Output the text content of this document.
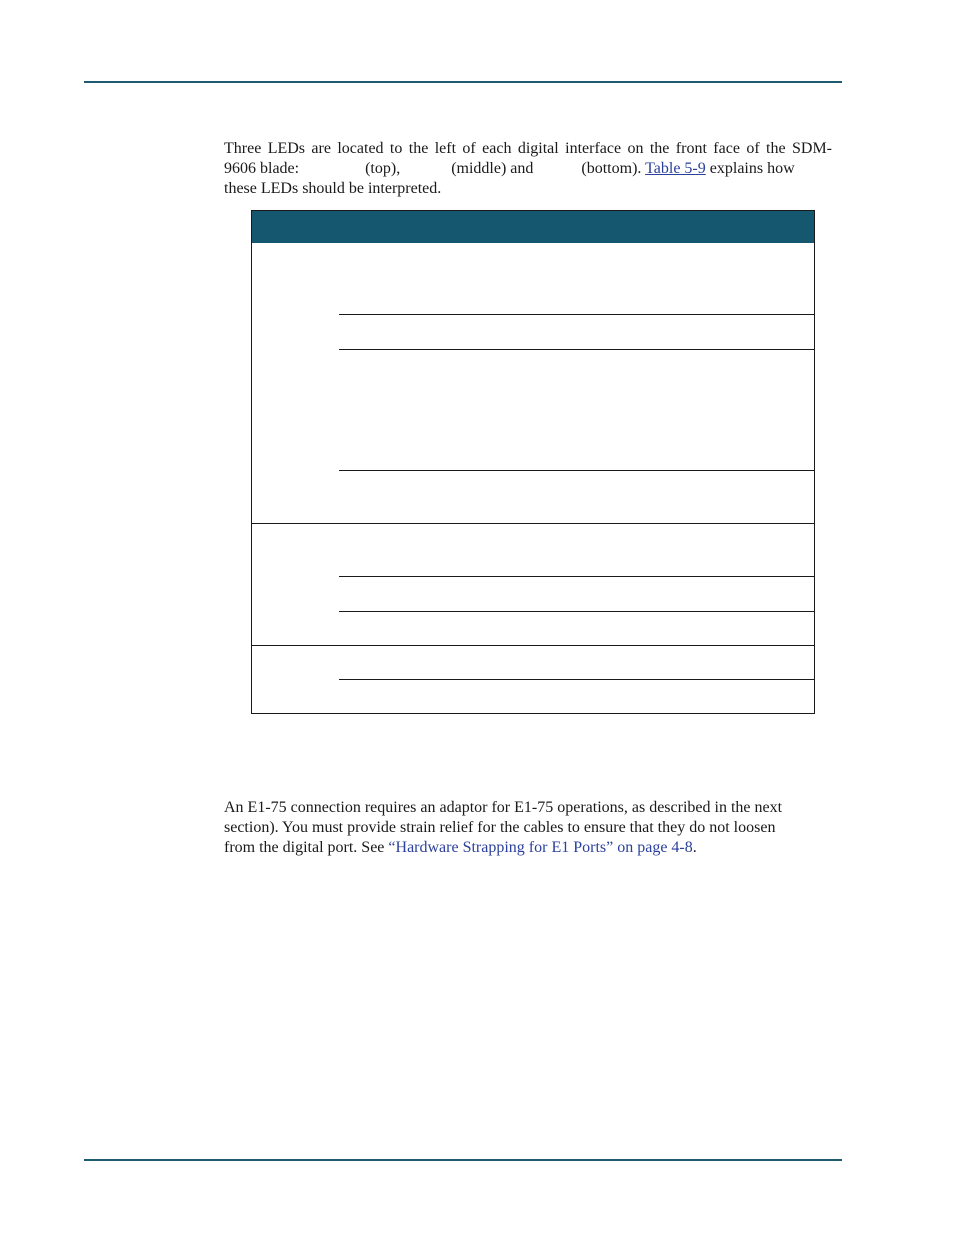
Three LEDs are located to the left of each digital interface on the front face of the SDM-
9606 blade:	(top),	(middle) and	(bottom). Table 5-9 explains how
these LEDs should be interpreted.
An E1-75 connection requires an adaptor for E1-75 operations, as described in the next
section). You must provide strain relief for the cables to ensure that they do not loosen
from the digital port. See “Hardware Strapping for E1 Ports” on page 4-8.
